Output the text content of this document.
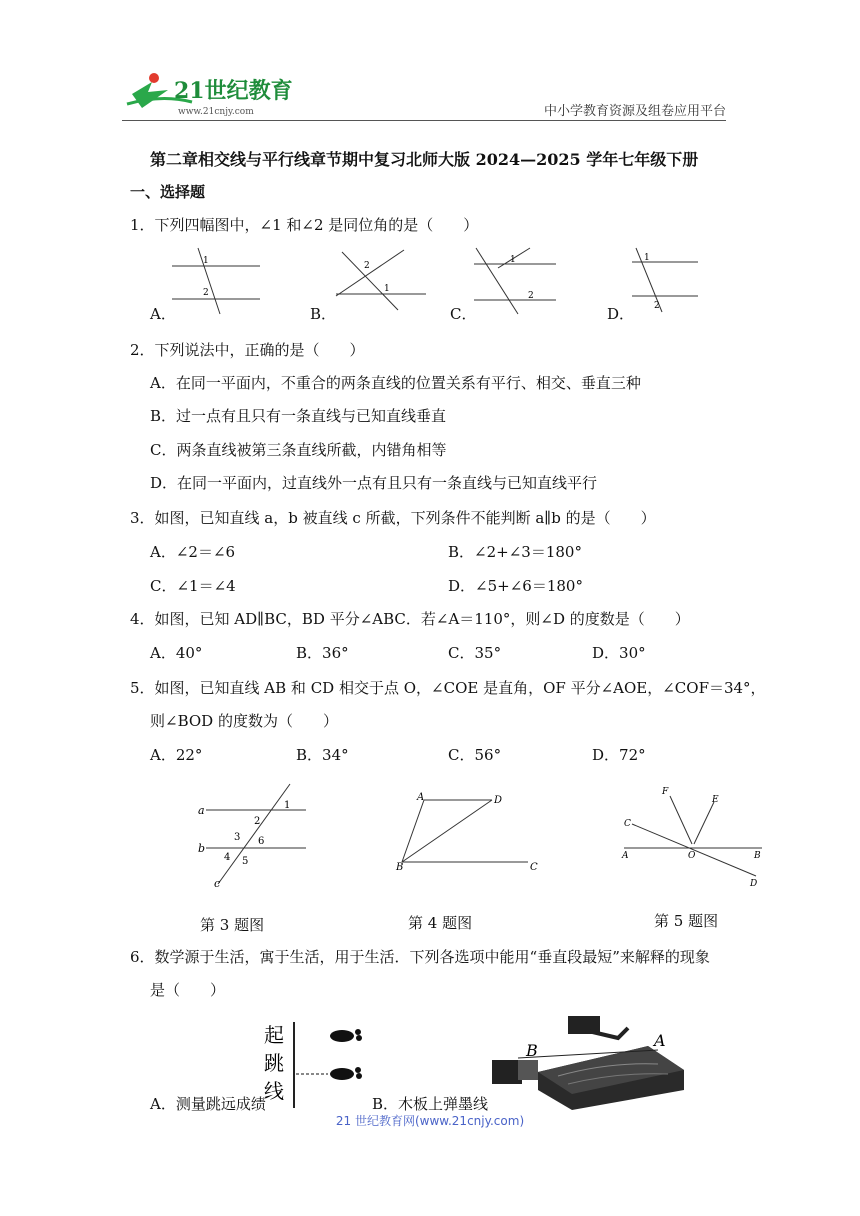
21世纪教育
www.21cnjy.com	中小学教育资源及组卷应用平台
第二章相交线与平行线章节期中复习北师大版 2024—2025 学年七年级下册
一、选择题
1．下列四幅图中，∠1 和∠2 是同位角的是（　　）
1
2
2
1
1
2
1
2
A．	B．	C．	D．
2．下列说法中，正确的是（　　）
A．在同一平面内，不重合的两条直线的位置关系有平行、相交、垂直三种
B．过一点有且只有一条直线与已知直线垂直
C．两条直线被第三条直线所截，内错角相等
D．在同一平面内，过直线外一点有且只有一条直线与已知直线平行
3．如图，已知直线 a，b 被直线 c 所截，下列条件不能判断 a∥b 的是（　　）
A．∠2＝∠6	B．∠2+∠3＝180°
C．∠1＝∠4	D．∠5+∠6＝180°
4．如图，已知 AD∥BC，BD 平分∠ABC．若∠A＝110°，则∠D 的度数是（　　）
A．40°	B．36°	C．35°	D．30°
5．如图，已知直线 AB 和 CD 相交于点 O，∠COE 是直角，OF 平分∠AOE，∠COF＝34°，
则∠BOD 的度数为（　　）
A．22°	B．34°	C．56°	D．72°
a
b
c
1
2
3 6
4 5
A	D
B	C
F
E
C
A	O	B
D
第 3 题图	第 4 题图	第 5 题图
6．数学源于生活，寓于生活，用于生活．下列各选项中能用“垂直段最短”来解释的现象
是（　　）
起
跳
线
B
A
A．测量跳远成绩	B．木板上弹墨线
21 世纪教育网(www.21cnjy.com)
